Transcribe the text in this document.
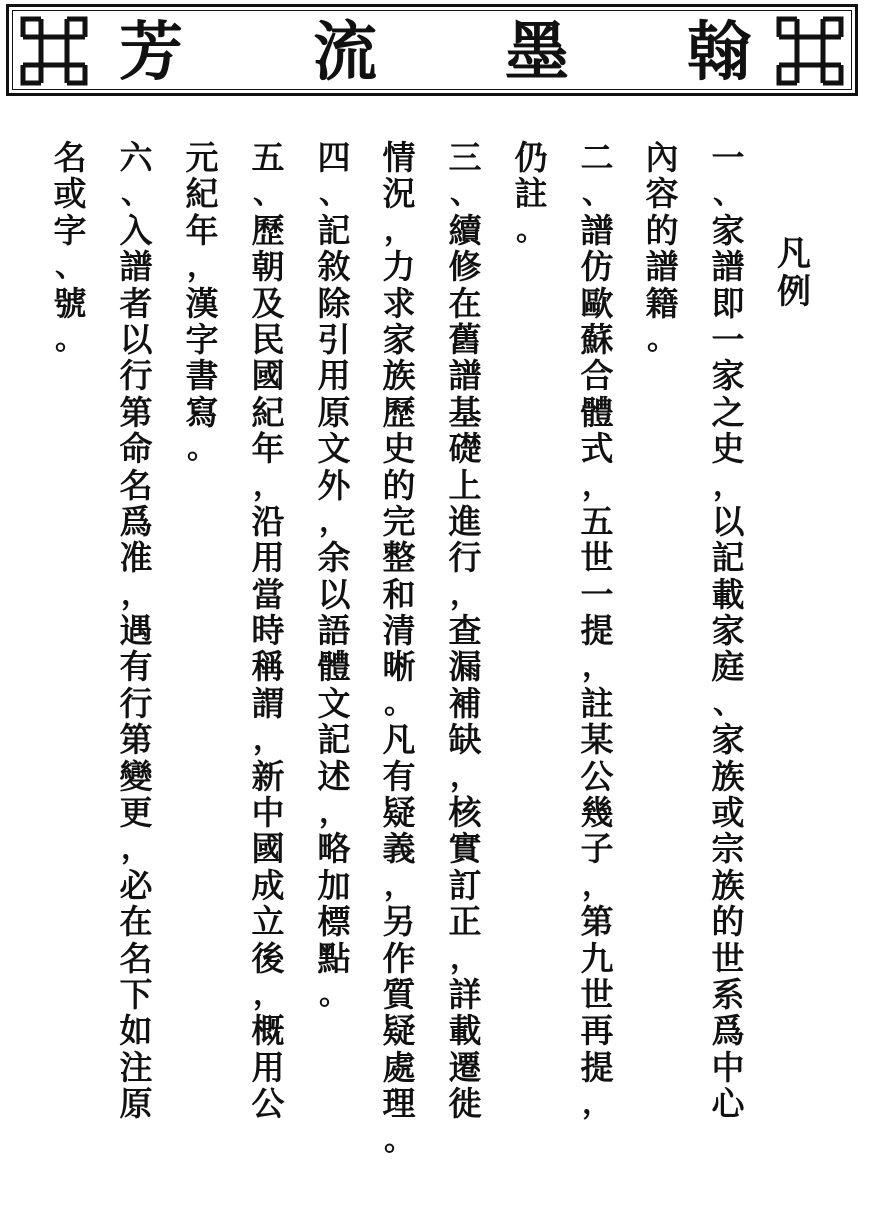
芳 流 墨 翰
凡
例
一
、
家
譜
即
一
家
之
史
，
以
記
載
家
庭
、
家
族
或
宗
族
的
世
系
爲
中
心
內
容
的
譜
籍
。
二
、
譜
仿
歐
蘇
合
體
式
，
五
世
一
提
，
註
某
公
幾
子
，
第
九
世
再
提
，
仍
註
。
三
、
續
修
在
舊
譜
基
礎
上
進
行
，
查
漏
補
缺
，
核
實
訂
正
，
詳
載
遷
徙
情
況
，
力
求
家
族
歷
史
的
完
整
和
清
晰
。
凡
有
疑
義
，
另
作
質
疑
處
理
。
四
、
記
敘
除
引
用
原
文
外
，
余
以
語
體
文
記
述
，
略
加
標
點
。
五
、
歷
朝
及
民
國
紀
年
，
沿
用
當
時
稱
謂
，
新
中
國
成
立
後
，
概
用
公
元
紀
年
，
漢
字
書
寫
。
六
、
入
譜
者
以
行
第
命
名
爲
准
，
遇
有
行
第
變
更
，
必
在
名
下
如
注
原
名
或
字
、
號
。
